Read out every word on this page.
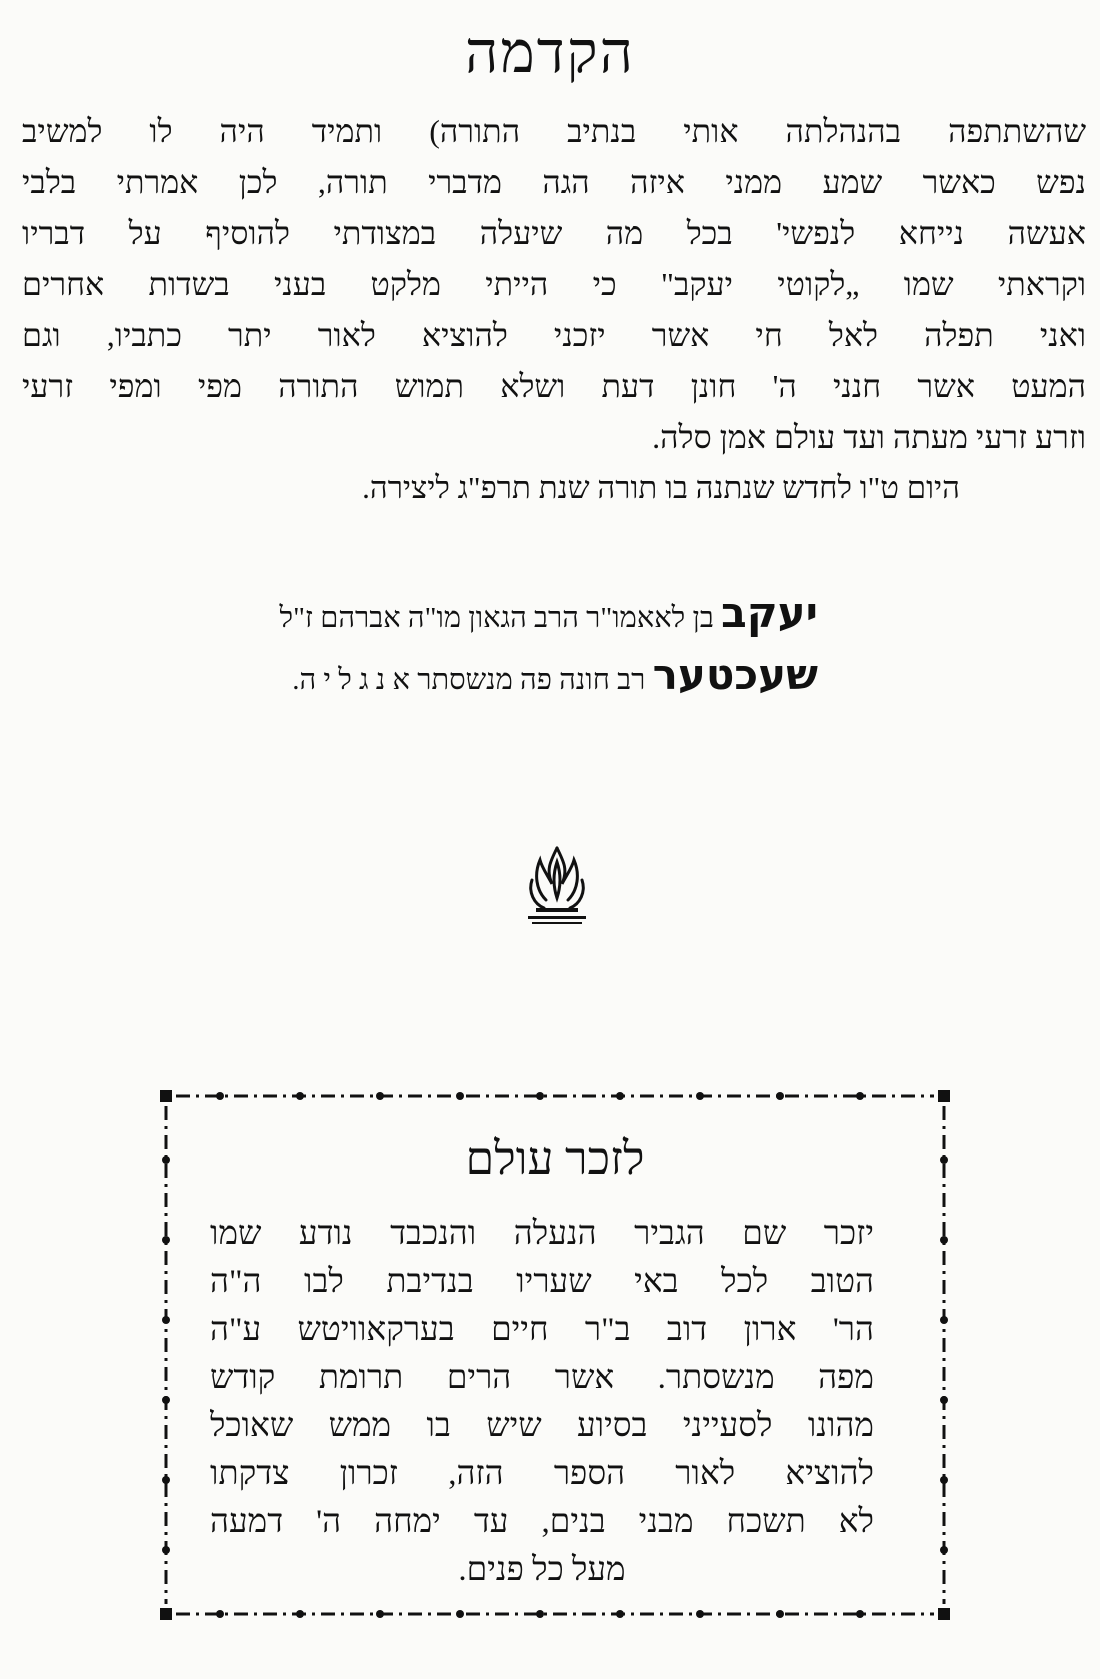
הקדמה
שהשתתפה בהנהלתה אותי בנתיב התורה) ותמיד היה לו למשיב
נפש כאשר שמע ממני איזה הגה מדברי תורה, לכן אמרתי בלבי
אעשה נייחא לנפשי' בכל מה שיעלה במצודתי להוסיף על דבריו
וקראתי שמו „לקוטי יעקב" כי הייתי מלקט בעני בשדות אחרים
ואני תפלה לאל חי אשר יזכני להוציא לאור יתר כתביו, וגם
המעט אשר חנני ה' חונן דעת ושלא תמוש התורה מפי ומפי זרעי
וזרע זרעי מעתה ועד עולם אמן סלה.
היום ט"ו לחדש שנתנה בו תורה שנת תרפ"ג ליצירה.
יעקב בן לאאמו"ר הרב הגאון מו"ה אברהם ז"ל
שעכטער רב חונה פה מנשסתר א נ ג ל י ה.
לזכר עולם
יזכר שם הגביר הנעלה והנכבד נודע שמו
הטוב לכל באי שעריו בנדיבת לבו ה"ה
הר' ארון דוב ב"ר חיים בערקאוויטש ע"ה
מפה מנשסתר. אשר הרים תרומת קודש
מהונו לסעייני בסיוע שיש בו ממש שאוכל
להוציא לאור הספר הזה, זכרון צדקתו
לא תשכח מבני בנים, עד ימחה ה' דמעה
מעל כל פנים.
